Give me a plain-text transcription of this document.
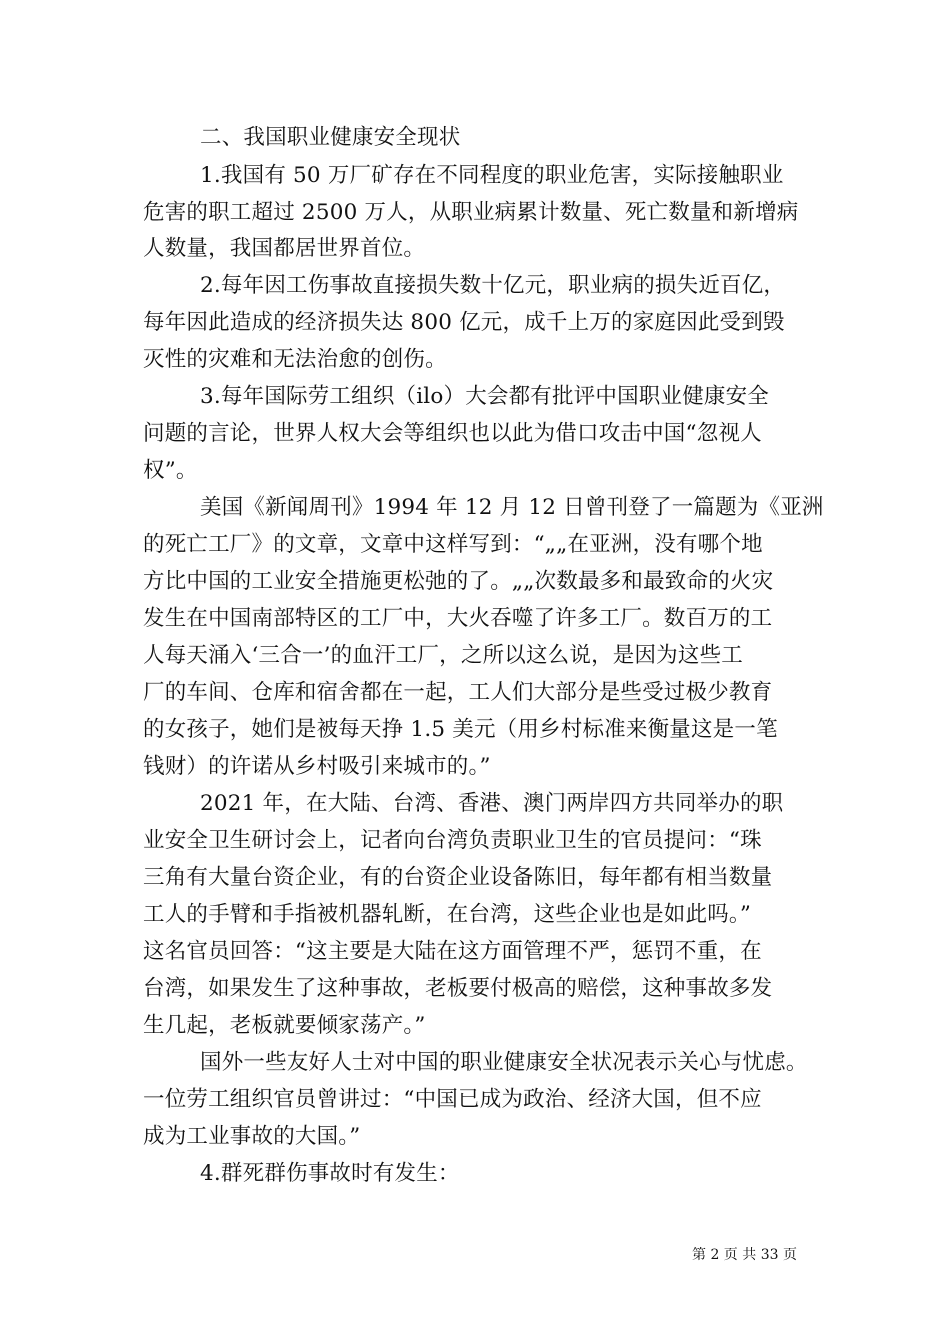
二、我国职业健康安全现状
1.我国有 50 万厂矿存在不同程度的职业危害，实际接触职业
危害的职工超过 2500 万人，从职业病累计数量、死亡数量和新增病
人数量，我国都居世界首位。
2.每年因工伤事故直接损失数十亿元，职业病的损失近百亿，
每年因此造成的经济损失达 800 亿元，成千上万的家庭因此受到毁
灭性的灾难和无法治愈的创伤。
3.每年国际劳工组织（ilo）大会都有批评中国职业健康安全
问题的言论，世界人权大会等组织也以此为借口攻击中国“忽视人
权”。
美国《新闻周刊》1994 年 12 月 12 日曾刊登了一篇题为《亚洲
的死亡工厂》的文章，文章中这样写到：“„„在亚洲，没有哪个地
方比中国的工业安全措施更松弛的了。„„次数最多和最致命的火灾
发生在中国南部特区的工厂中，大火吞噬了许多工厂。数百万的工
人每天涌入‘三合一’的血汗工厂，之所以这么说，是因为这些工
厂的车间、仓库和宿舍都在一起，工人们大部分是些受过极少教育
的女孩子，她们是被每天挣 1.5 美元（用乡村标准来衡量这是一笔
钱财）的许诺从乡村吸引来城市的。”
2021 年，在大陆、台湾、香港、澳门两岸四方共同举办的职
业安全卫生研讨会上，记者向台湾负责职业卫生的官员提问：“珠
三角有大量台资企业，有的台资企业设备陈旧，每年都有相当数量
工人的手臂和手指被机器轧断，在台湾，这些企业也是如此吗。”
这名官员回答：“这主要是大陆在这方面管理不严，惩罚不重，在
台湾，如果发生了这种事故，老板要付极高的赔偿，这种事故多发
生几起，老板就要倾家荡产。”
国外一些友好人士对中国的职业健康安全状况表示关心与忧虑。
一位劳工组织官员曾讲过：“中国已成为政治、经济大国，但不应
成为工业事故的大国。”
4.群死群伤事故时有发生：
第 2 页 共 33 页
